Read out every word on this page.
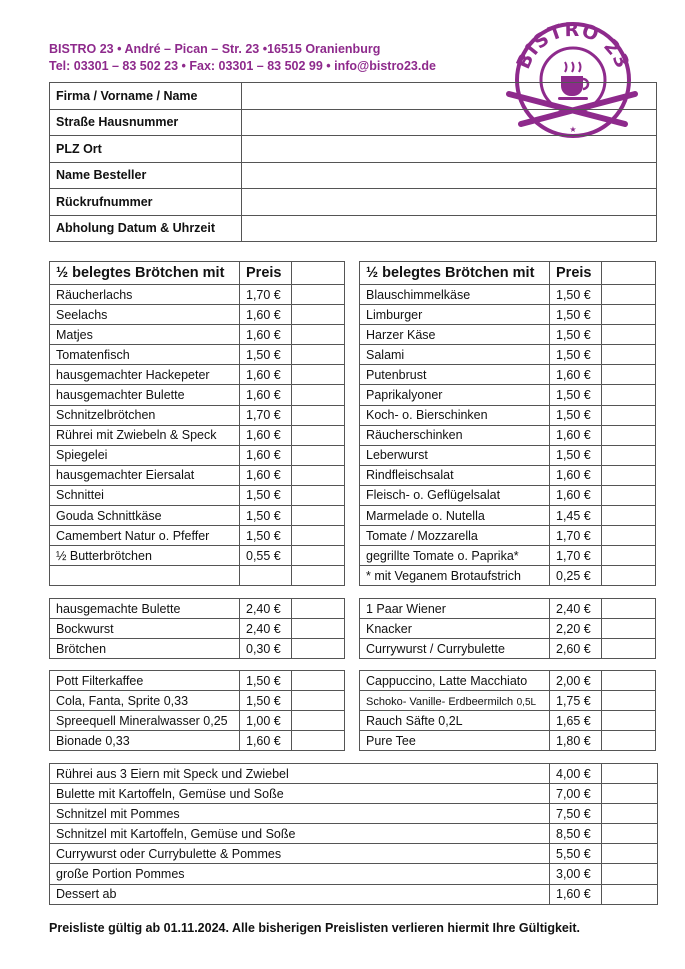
BISTRO 23 • André – Pican – Str. 23 •16515 Oranienburg
Tel: 03301 – 83 502 23 • Fax: 03301 – 83 502 99 • info@bistro23.de	BISTRO 23
★
Firma / Vorname / Name	
Straße Hausnummer	
PLZ Ort	
Name Besteller	
Rückrufnummer	
Abholung Datum & Uhrzeit	
½ belegtes Brötchen mit	Preis	
Räucherlachs	1,70 €	
Seelachs	1,60 €	
Matjes	1,60 €	
Tomatenfisch	1,50 €	
hausgemachter Hackepeter	1,60 €	
hausgemachter Bulette	1,60 €	
Schnitzelbrötchen	1,70 €	
Rührei mit Zwiebeln & Speck	1,60 €	
Spiegelei	1,60 €	
hausgemachter Eiersalat	1,60 €	
Schnittei	1,50 €	
Gouda Schnittkäse	1,50 €	
Camembert Natur o. Pfeffer	1,50 €	
½ Butterbrötchen	0,55 €	

½ belegtes Brötchen mit	Preis	
Blauschimmelkäse	1,50 €	
Limburger	1,50 €	
Harzer Käse	1,50 €	
Salami	1,50 €	
Putenbrust	1,60 €	
Paprikalyoner	1,50 €	
Koch- o. Bierschinken	1,50 €	
Räucherschinken	1,60 €	
Leberwurst	1,50 €	
Rindfleischsalat	1,60 €	
Fleisch- o. Geflügelsalat	1,60 €	
Marmelade o. Nutella	1,45 €	
Tomate / Mozzarella	1,70 €	
gegrillte Tomate o. Paprika*	1,70 €	
* mit Veganem Brotaufstrich	0,25 €	
hausgemachte Bulette	2,40 €	
Bockwurst	2,40 €	
Brötchen	0,30 €	
1 Paar Wiener	2,40 €	
Knacker	2,20 €	
Currywurst / Currybulette	2,60 €	
Pott Filterkaffee	1,50 €	
Cola, Fanta, Sprite 0,33	1,50 €	
Spreequell Mineralwasser 0,25	1,00 €	
Bionade 0,33	1,60 €	
Cappuccino, Latte Macchiato	2,00 €	
Schoko- Vanille- Erdbeermilch 0,5L	1,75 €	
Rauch Säfte 0,2L	1,65 €	
Pure Tee	1,80 €	
Rührei aus 3 Eiern mit Speck und Zwiebel	4,00 €	
Bulette mit Kartoffeln, Gemüse und Soße	7,00 €	
Schnitzel mit Pommes	7,50 €	
Schnitzel mit Kartoffeln, Gemüse und Soße	8,50 €	
Currywurst oder Currybulette & Pommes	5,50 €	
große Portion Pommes	3,00 €	
Dessert ab	1,60 €	
Preisliste gültig ab 01.11.2024. Alle bisherigen Preislisten verlieren hiermit Ihre Gültigkeit.
